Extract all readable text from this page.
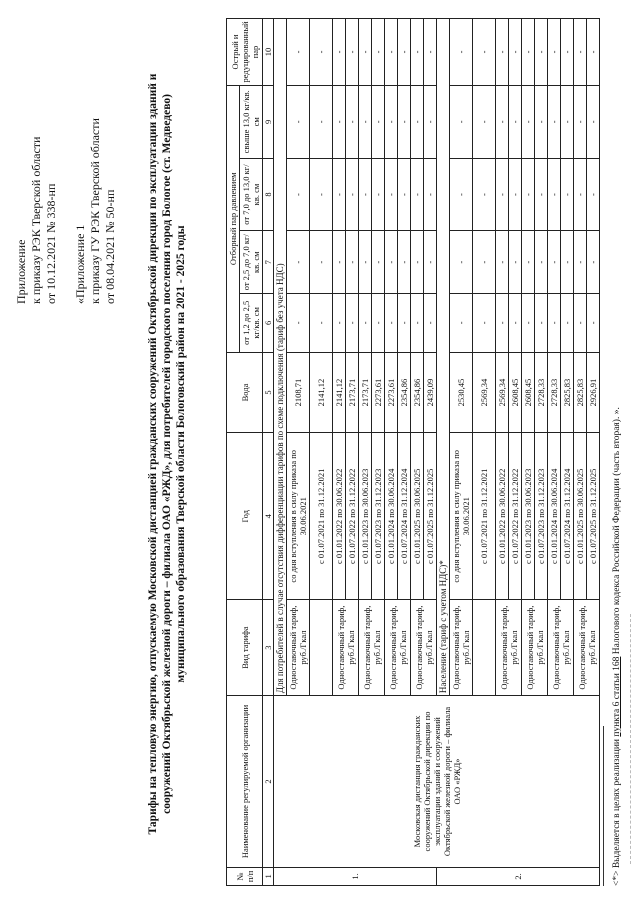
Приложение к приказу РЭК Тверской области от 10.12.2021 № 338-нп «Приложение 1 к приказу ГУ РЭК Тверской области от 08.04.2021 № 50-нп	Тарифы на тепловую энергию, отпускаемую Московской дистанцией гражданских сооружений Октябрьской дирекции по эксплуатации зданий и сооружений Октябрьской железной дороги – филиала ОАО «РЖД», для потребителей городского поселения город Бологое (ст. Медведево) муниципального образования Тверской области Бологовский район на 2021 - 2025 годы
№ п/п	Наименование регулируемой организации	Вид тарифа	Год	Вода	Отборный пар давлением				Острый и редуцированный пар
					от 1,2 до 2,5 кг/кв. см	от 2,5 до 7,0 кг/кв. см	от 7,0 до 13,0 кг/кв. см	свыше 13,0 кг/кв. см	
1	2	3	4	5	6	7	8	9	10
1.	Московская дистанция гражданских сооружений Октябрьской дирекции по эксплуатации зданий и сооружений Октябрьской железной дороги – филиала ОАО «РЖД»	Для потребителей в случае отсутствия дифференциации тарифов по схеме подключения (тариф без учета НДС)							
		Одноставочный тариф, руб./Гкал	со дня вступления в силу приказа по 30.06.2021	2108,71	-	-	-	-	-
			с 01.07.2021 по 31.12.2021	2141,12	-	-	-	-	-
		Одноставочный тариф, руб./Гкал	с 01.01.2022 по 30.06.2022	2141,12	-	-	-	-	-
			с 01.07.2022 по 31.12.2022	2173,71	-	-	-	-	-
		Одноставочный тариф, руб./Гкал	с 01.01.2023 по 30.06.2023	2173,71	-	-	-	-	-
			с 01.07.2023 по 31.12.2023	2273,61	-	-	-	-	-
		Одноставочный тариф, руб./Гкал	с 01.01.2024 по 30.06.2024	2273,61	-	-	-	-	-
			с 01.07.2024 по 31.12.2024	2354,86	-	-	-	-	-
		Одноставочный тариф, руб./Гкал	с 01.01.2025 по 30.06.2025	2354,86	-	-	-	-	-
			с 01.07.2025 по 31.12.2025	2439,09	-	-	-	-	-
2.		Население (тариф с учетом НДС)*							
		Одноставочный тариф, руб./Гкал	со дня вступления в силу приказа по 30.06.2021	2530,45	-	-	-	-	-
			с 01.07.2021 по 31.12.2021	2569,34	-	-	-	-	-
		Одноставочный тариф, руб./Гкал	с 01.01.2022 по 30.06.2022	2569,34	-	-	-	-	-
			с 01.07.2022 по 31.12.2022	2608,45	-	-	-	-	-
		Одноставочный тариф, руб./Гкал	с 01.01.2023 по 30.06.2023	2608,45	-	-	-	-	-
			с 01.07.2023 по 31.12.2023	2728,33	-	-	-	-	-
		Одноставочный тариф, руб./Гкал	с 01.01.2024 по 30.06.2024	2728,33	-	-	-	-	-
			с 01.07.2024 по 31.12.2024	2825,83	-	-	-	-	-
		Одноставочный тариф, руб./Гкал	с 01.01.2025 по 30.06.2025	2825,83	-	-	-	-	-
			с 01.07.2025 по 31.12.2025	2926,91	-	-	-	-	-
<*> Выделяется в целях реализации пункта 6 статьи 168 Налогового кодекса Российской Федерации (часть вторая). ».
